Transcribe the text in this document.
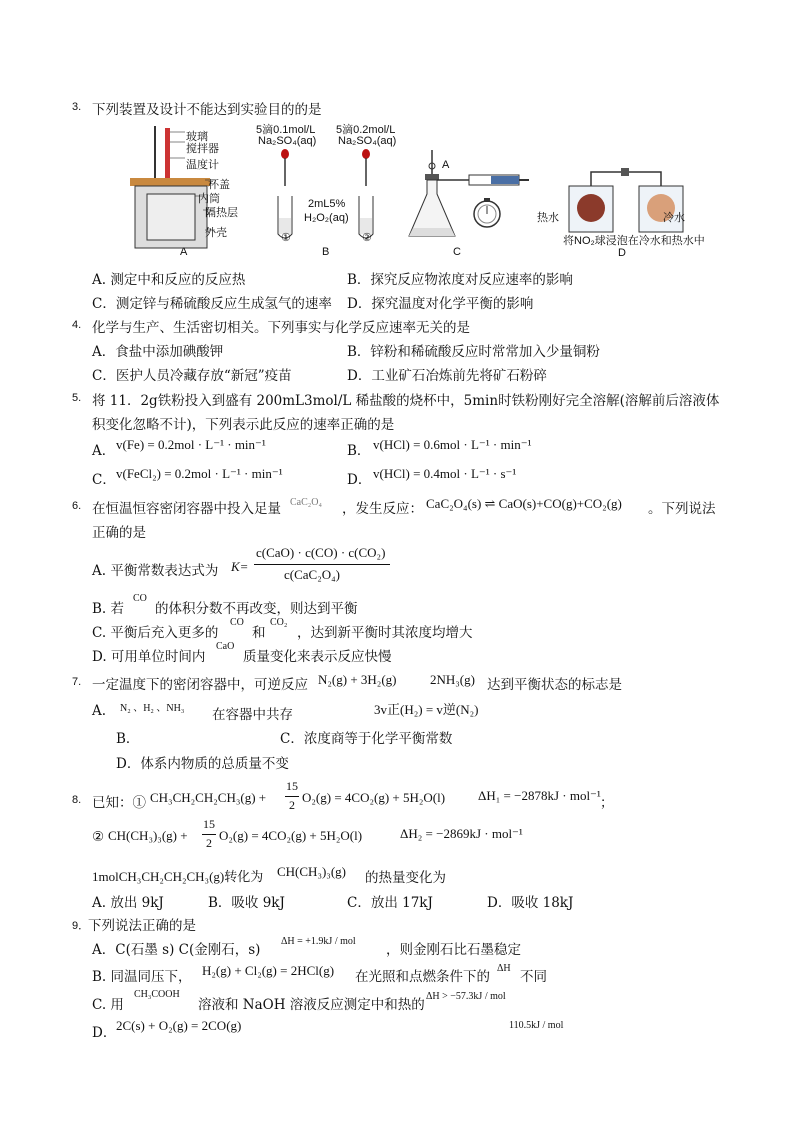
3. 下列装置及设计不能达到实验目的的是
玻璃
搅拌器
温度计
杯盖
内筒
隔热层
外壳
A
5滴0.1mol/L
Na₂SO₄(aq)
5滴0.2mol/L
Na₂SO₄(aq)
2mL5%
H₂O₂(aq)
①	②
B
A
C
热水	冷水
将NO₂球浸泡在冷水和热水中
D
A. 测定中和反应的反应热	B．探究反应物浓度对反应速率的影响
C．测定锌与稀硫酸反应生成氢气的速率 D．探究温度对化学平衡的影响
4. 化学与生产、生活密切相关。下列事实与化学反应速率无关的是
A．食盐中添加碘酸钾	B．锌粉和稀硫酸反应时常常加入少量铜粉
C．医护人员冷藏存放“新冠”疫苗	D．工业矿石冶炼前先将矿石粉碎
5. 将 11．2g铁粉投入到盛有 200mL3mol/L 稀盐酸的烧杯中，5min时铁粉刚好完全溶解(溶解前后溶液体
积变化忽略不计)，下列表示此反应的速率正确的是
A． v(Fe) = 0.2mol · L⁻¹ · min⁻¹	B． v(HCl) = 0.6mol · L⁻¹ · min⁻¹
C． v(FeCl₂) = 0.2mol · L⁻¹ · min⁻¹	D． v(HCl) = 0.4mol · L⁻¹ · s⁻¹
6. 在恒温恒容密闭容器中投入足量 CaC₂O₄ ，发生反应： CaC₂O₄(s) ⇌ CaO(s)+CO(g)+CO₂(g) 。下列说法
正确的是
A. 平衡常数表达式为 K=
c(CaO) · c(CO) · c(CO₂)
c(CaC₂O₄)
B. 若
CO
的体积分数不再改变，则达到平衡
C. 平衡后充入更多的
CO
和
CO₂
，达到新平衡时其浓度均增大
D. 可用单位时间内
CaO
质量变化来表示反应快慢
7. 一定温度下的密闭容器中，可逆反应 N₂(g) + 3H₂(g)	2NH₃(g) 达到平衡状态的标志是
A. N₂ 、H₂ 、NH₃ 在容器中共存	3v正(H₂) = v逆(N₂)
B．	C．浓度商等于化学平衡常数
D．体系内物质的总质量不变
8. 已知：① CH₃CH₂CH₂CH₃(g) +
15
2 O₂(g) = 4CO₂(g) + 5H₂O(l)	ΔH₁ = −2878kJ · mol⁻¹ ；
② CH(CH₃)₃(g) +
15
2 O₂(g) = 4CO₂(g) + 5H₂O(l)	ΔH₂ = −2869kJ · mol⁻¹
1molCH₃CH₂CH₂CH₃(g)转化为 CH(CH₃)₃(g) 的热量变化为
A. 放出 9kJ	B．吸收 9kJ	C．放出 17kJ	D．吸收 18kJ
9．
下列说法正确的是
A．C(石墨 s) C(金刚石，s)
ΔH = +1.9kJ / mol
，则金刚石比石墨稳定
B. 同温同压下， H₂(g) + Cl₂(g) = 2HCl(g) 在光照和点燃条件下的
ΔH
不同
C. 用
CH₃COOH
溶液和 NaOH 溶液反应测定中和热的
ΔH > −57.3kJ / mol
D． 2C(s) + O₂(g) = 2CO(g)	110.5kJ / mol
